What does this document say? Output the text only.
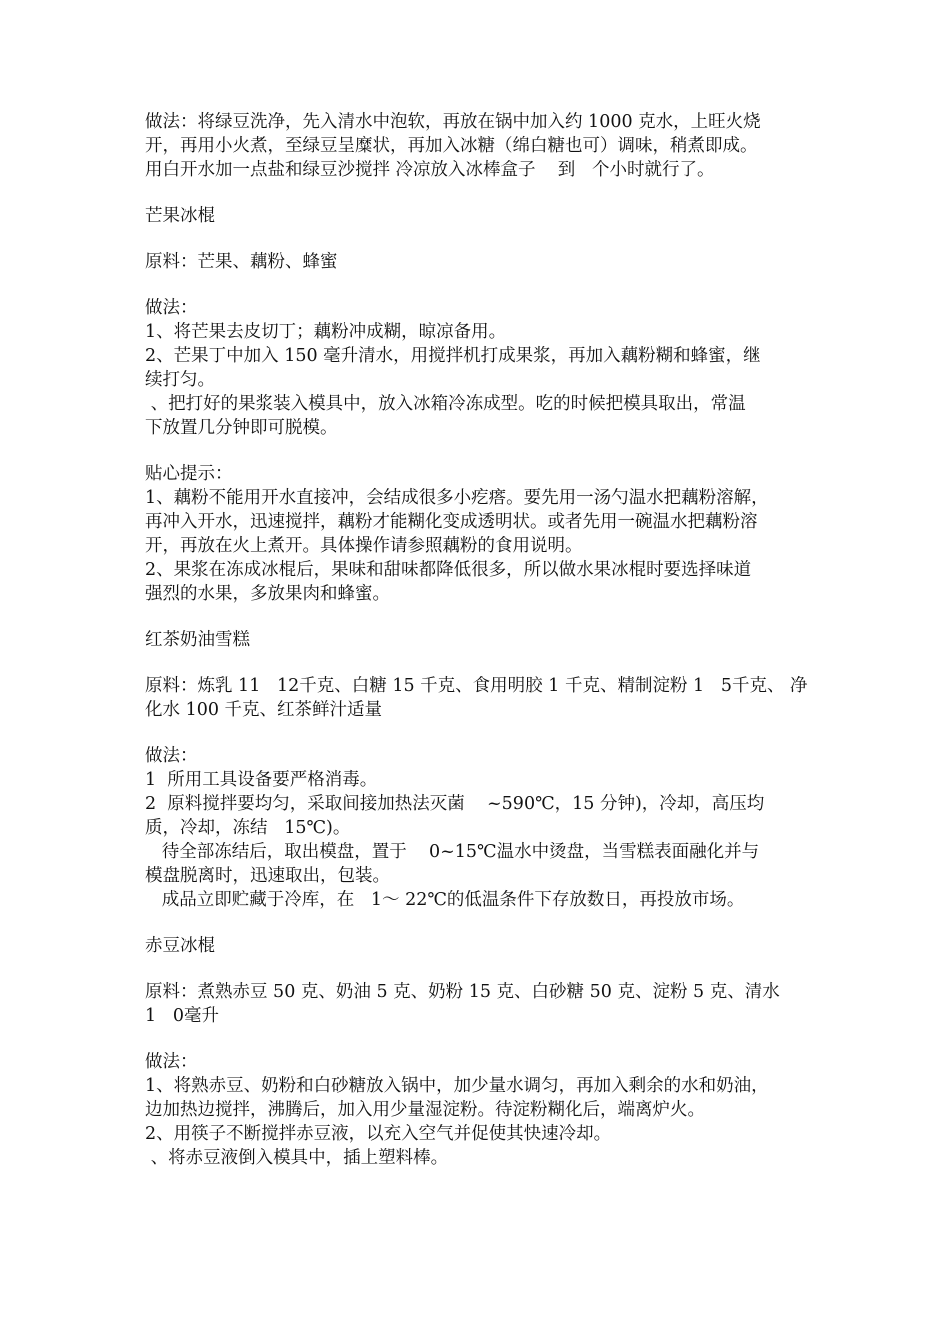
做法：将绿豆洗净，先入清水中泡软，再放在锅中加入约 1000 克水，上旺火烧

开，再用小火煮，至绿豆呈糜状，再加入冰糖（绵白糖也可）调味，稍煮即成。

用白开水加一点盐和绿豆沙搅拌 冷凉放入冰棒盒子    到   个小时就行了。

芒果冰棍

原料：芒果、藕粉、蜂蜜

做法：

1、将芒果去皮切丁；藕粉冲成糊，晾凉备用。

2、芒果丁中加入 150 毫升清水，用搅拌机打成果浆，再加入藕粉糊和蜂蜜，继

续打匀。

、把打好的果浆装入模具中，放入冰箱冷冻成型。吃的时候把模具取出，常温

下放置几分钟即可脱模。

贴心提示：

1、藕粉不能用开水直接冲，会结成很多小疙瘩。要先用一汤勺温水把藕粉溶解，

再冲入开水，迅速搅拌，藕粉才能糊化变成透明状。或者先用一碗温水把藕粉溶

开，再放在火上煮开。具体操作请参照藕粉的食用说明。

2、果浆在冻成冰棍后，果味和甜味都降低很多，所以做水果冰棍时要选择味道

强烈的水果，多放果肉和蜂蜜。

红茶奶油雪糕

原料：炼乳 11   12千克、白糖 15 千克、食用明胶 1 千克、精制淀粉 1   5千克、 净

化水 100 千克、红茶鲜汁适量

做法：

1  所用工具设备要严格消毒。

2  原料搅拌要均匀，采取间接加热法灭菌    ~590℃，15 分钟)，冷却，高压均

质，冷却，冻结   15℃)。

待全部冻结后，取出模盘，置于    0~15℃温水中烫盘，当雪糕表面融化并与

模盘脱离时，迅速取出，包装。

成品立即贮藏于冷库，在   1～ 22℃的低温条件下存放数日，再投放市场。

赤豆冰棍

原料：煮熟赤豆 50 克、奶油 5 克、奶粉 15 克、白砂糖 50 克、淀粉 5 克、清水

1   0毫升

做法：

1、将熟赤豆、奶粉和白砂糖放入锅中，加少量水调匀，再加入剩余的水和奶油，

边加热边搅拌，沸腾后，加入用少量湿淀粉。待淀粉糊化后，端离炉火。

2、用筷子不断搅拌赤豆液，以充入空气并促使其快速冷却。

、将赤豆液倒入模具中，插上塑料棒。
